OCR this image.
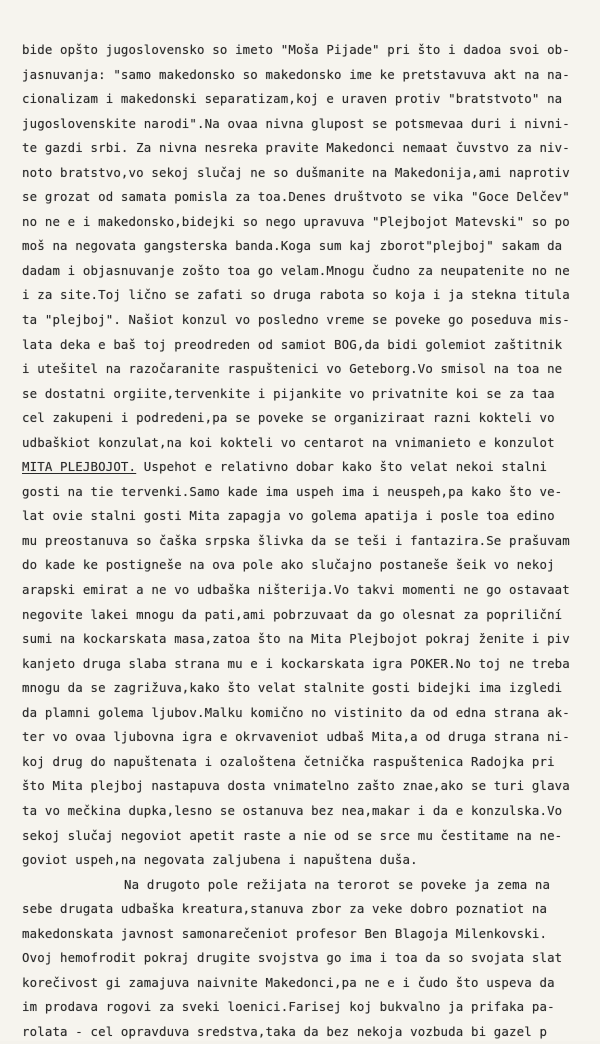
bide opšto jugoslovensko so imeto "Moša Pijade" pri što i dadoa svoi ob-
jasnuvanja: "samo makedonsko so makedonsko ime ke pretstavuva akt na na-
cionalizam i makedonski separatizam,koj e uraven protiv "bratstvoto" na
jugoslovenskite narodi".Na ovaa nivna glupost se potsmevaa duri i nivni-
te gazdi srbi. Za nivna nesreka pravite Makedonci nemaat čuvstvo za niv-
noto bratstvo,vo sekoj slučaj ne so dušmanite na Makedonija,ami naprotiv
se grozat od samata pomisla za toa.Denes društvoto se vika "Goce Delčev"
no ne e i makedonsko,bidejki so nego upravuva "Plejbojot Matevski" so po
moš na negovata gangsterska banda.Koga sum kaj zborot"plejboj" sakam da
dadam i objasnuvanje zošto toa go velam.Mnogu čudno za neupatenite no ne
i za site.Toj lično se zafati so druga rabota so koja i ja stekna titula
ta "plejboj". Našiot konzul vo posledno vreme se poveke go poseduva mis-
lata deka e baš toj preodreden od samiot BOG,da bidi golemiot zaštitnik
i utešitel na razočaranite raspušteniсi vo Geteborg.Vo smisol na toa ne
se dostatni orgiite,tervenkite i pijankite vo privatnite koi se za taa
cel zakupeni i podredeni,pa se poveke se organiziraat razni kokteli vo
udbaškiot konzulat,na koi kokteli vo centarot na vnimanieto e konzulot
MITA PLEJBOJOT. Uspehot e relativno dobar kako što velat nekoi stalni
gosti na tie tervenki.Samo kade ima uspeh ima i neuspeh,pa kako što ve-
lat ovie stalni gosti Mita zapagja vo golema apatija i posle toa edino
mu preostanuva so čaška srpska šlivka da se teši i fantazira.Se prašuvam
do kade ke postigneše na ova pole ako slučajno postaneše šeik vo nekoj
arapski emirat a ne vo udbaška ništerija.Vo takvi momenti ne go ostavaat
negovite lakei mnogu da pati,ami pobrzuvaat da go olesnat za popriliční
sumi na kockarskata masa,zatoa što na Mita Plejbojot pokraj ženite i piv
kanjeto druga slaba strana mu e i kockarskata igra POKER.No toj ne treba
mnogu da se zagrižuva,kako što velat stalnite gosti bidejki ima izgledi
da plamni golema ljubov.Malku komično no vistinito da od edna strana ak-
ter vo ovaa ljubovna igra e okrvavеniot udbaš Mita,a od druga strana ni-
koj drug do napuštenata i ozaloštena četnička raspuštenica Radojka pri
što Mita plejboj nastapuva dosta vnimatelno zašto znae,ako se turi glava
ta vo mečkina dupka,lesno se ostanuva bez nea,makar i da e konzulska.Vo
sekoj slučaj negoviot apetit raste a nie od se srce mu čestitame na ne-
goviot uspeh,na negovata zaljubena i napuštena duša.
Na drugoto pole režijata na terorot se poveke ja zema na
sebe drugata udbaška kreatura,stanuva zbor za veke dobro poznatiot na
makedonskata javnost samonarečeniot profesor Ben Blagoja Milenkovski.
Ovoj hemofrodit pokraj drugite svojstva go ima i toa da so svojata slat
korečivost gi zamajuva naivnite Makedonci,pa ne e i čudo što uspeva da
im prodava rogovi za sveki loenici.Farisej koj bukvalno ja prifaka pa-
rolata - cel opravduva sredstva,taka da bez nekoja vozbuda bi gazel p
